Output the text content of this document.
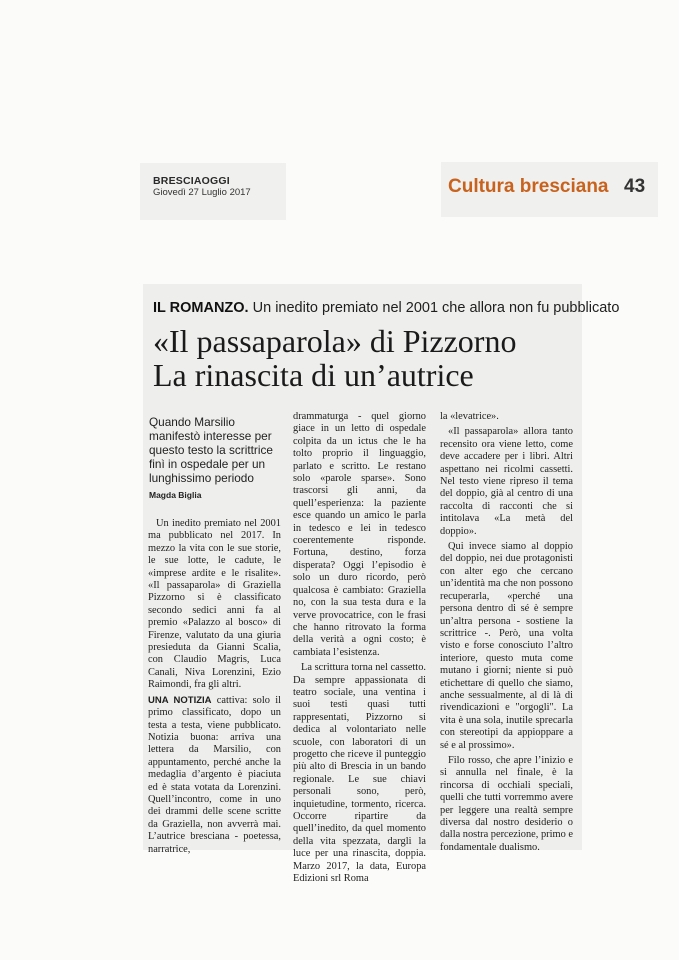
BRESCIAOGGI
Giovedì 27 Luglio 2017	Cultura bresciana 43
IL ROMANZO. Un inedito premiato nel 2001 che allora non fu pubblicato
«Il passaparola» di Pizzorno
La rinascita di un’autrice
Quando Marsilio manifestò interesse per questo testo la scrittrice finì in ospedale per un lunghissimo periodo
Magda Biglia

Un inedito premiato nel 2001 ma pubblicato nel 2017. In mezzo la vita con le sue storie, le sue lotte, le cadute, le «imprese ardite e le risalite». «Il passaparola» di Graziella Pizzorno si è classificato secondo sedici anni fa al premio «Palazzo al bosco» di Firenze, valutato da una giuria presieduta da Gianni Scalia, con Claudio Magris, Luca Canali, Niva Lorenzini, Ezio Raimondi, fra gli altri.

UNA NOTIZIA cattiva: solo il primo classificato, dopo un testa a testa, viene pubblicato. Notizia buona: arriva una lettera da Marsilio, con appuntamento, perché anche la medaglia d’argento è piaciuta ed è stata votata da Lorenzini. Quell’incontro, come in uno dei drammi delle scene scritte da Graziella, non avverrà mai. L’autrice bresciana - poetessa, narratrice,

drammaturga - quel giorno giace in un letto di ospedale colpita da un ictus che le ha tolto proprio il linguaggio, parlato e scritto. Le restano solo «parole sparse». Sono trascorsi gli anni, da quell’esperienza: la paziente esce quando un amico le parla in tedesco e lei in tedesco coerentemente risponde. Fortuna, destino, forza disperata? Oggi l’episodio è solo un duro ricordo, però qualcosa è cambiato: Graziella no, con la sua testa dura e la verve provocatrice, con le frasi che hanno ritrovato la forma della verità a ogni costo; è cambiata l’esistenza.

La scrittura torna nel cassetto. Da sempre appassionata di teatro sociale, una ventina i suoi testi quasi tutti rappresentati, Pizzorno si dedica al volontariato nelle scuole, con laboratori di un progetto che riceve il punteggio più alto di Brescia in un bando regionale. Le sue chiavi personali sono, però, inquietudine, tormento, ricerca. Occorre ripartire da quell’inedito, da quel momento della vita spezzata, dargli la luce per una rinascita, doppia. Marzo 2017, la data, Europa Edizioni srl Roma

la «levatrice».

«Il passaparola» allora tanto recensito ora viene letto, come deve accadere per i libri. Altri aspettano nei ricolmi cassetti. Nel testo viene ripreso il tema del doppio, già al centro di una raccolta di racconti che si intitolava «La metà del doppio».

Qui invece siamo al doppio del doppio, nei due protagonisti con alter ego che cercano un’identità ma che non possono recuperarla, «perché una persona dentro di sé è sempre un’altra persona - sostiene la scrittrice -. Però, una volta visto e forse conosciuto l’altro interiore, questo muta come mutano i giorni; niente si può etichettare di quello che siamo, anche sessualmente, al di là di rivendicazioni e "orgogli". La vita è una sola, inutile sprecarla con stereotipi da appioppare a sé e al prossimo».

Filo rosso, che apre l’inizio e si annulla nel finale, è la rincorsa di occhiali speciali, quelli che tutti vorremmo avere per leggere una realtà sempre diversa dal nostro desiderio o dalla nostra percezione, primo e fondamentale dualismo.
